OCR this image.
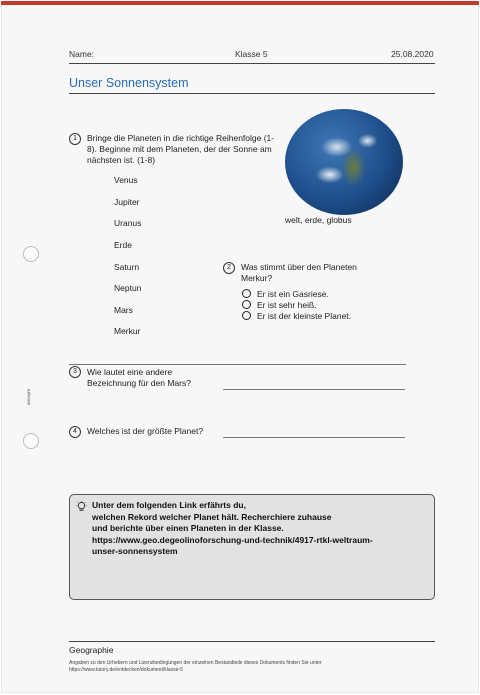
anonym
Name:	Klasse 5	25.08.2020
Unser Sonnensystem
1	Bringe die Planeten in die richtige Reihenfolge (1-
8). Beginne mit dem Planeten, der der Sonne am
nächsten ist. (1-8)
Venus
Jupiter
Uranus
Erde
Saturn
Neptun
Mars
Merkur
welt, erde, globus
2	Was stimmt über den Planeten
Merkur?
Er ist ein Gasriese.
Er ist sehr heiß.
Er ist der kleinste Planet.
3	Wie lautet eine andere
Bezeichnung für den Mars?
4	Welches ist der größte Planet?
Unter dem folgenden Link erfährts du,
welchen Rekord welcher Planet hält. Recherchiere zuhause
und berichte über einen Planeten in der Klasse.
https://www.geo.degeolinoforschung-und-technik/4917-rtkl-weltraum-
unser-sonnensystem
Geographie
Angaben zu den Urhebern und Lizenzbedingungen der einzelnen Bestandteile dieses Dokuments finden Sie unter
https://www.tutory.de/entdecken/dokument/klasse-5
